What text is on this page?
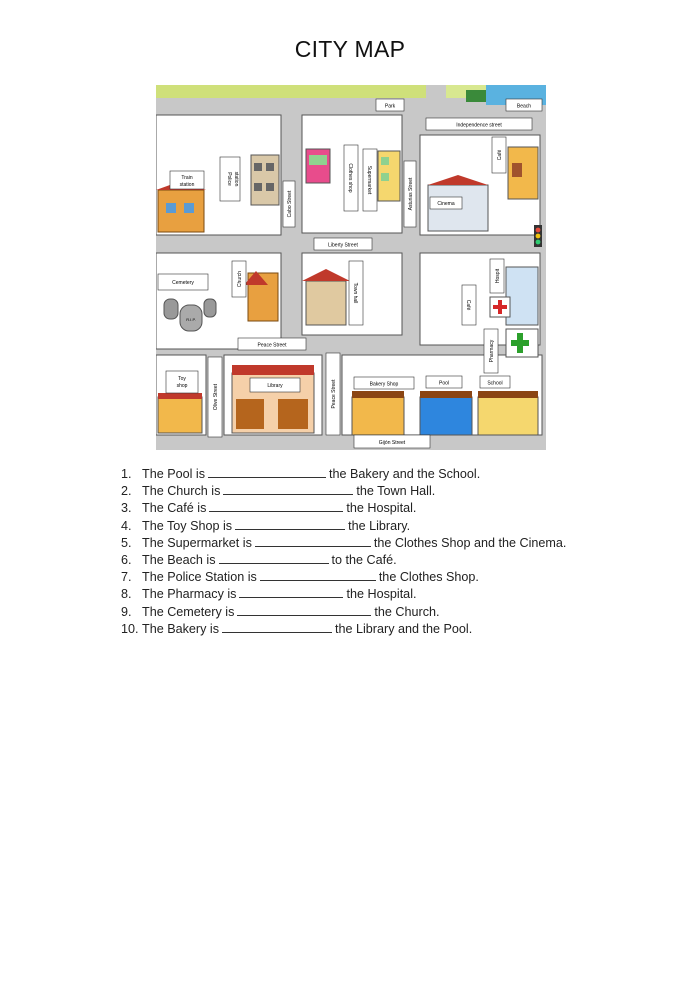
CITY MAP
Park	Beach
Independence street
Train
station
Cinema
Liberty Street
Cemetery
R.I.P.
Peace Street
Toy
shop	Library	Bakery Shop	Pool	School
Gijón Street
Police station
Cabo Street
Clothes shop	Supermarket	Asturias Street
Café
Church
Town hall
Café
Hospit
Pharmacy
Olive Street	Peace Street
1. The Pool is	the Bakery and the School.
2. The Church is	the Town Hall.
3. The Café is	the Hospital.
4. The Toy Shop is	the Library.
5. The Supermarket is	the Clothes Shop and the Cinema.
6. The Beach is	to the Café.
7. The Police Station is	the Clothes Shop.
8. The Pharmacy is	the Hospital.
9. The Cemetery is	the Church.
10. The Bakery is	the Library and the Pool.
